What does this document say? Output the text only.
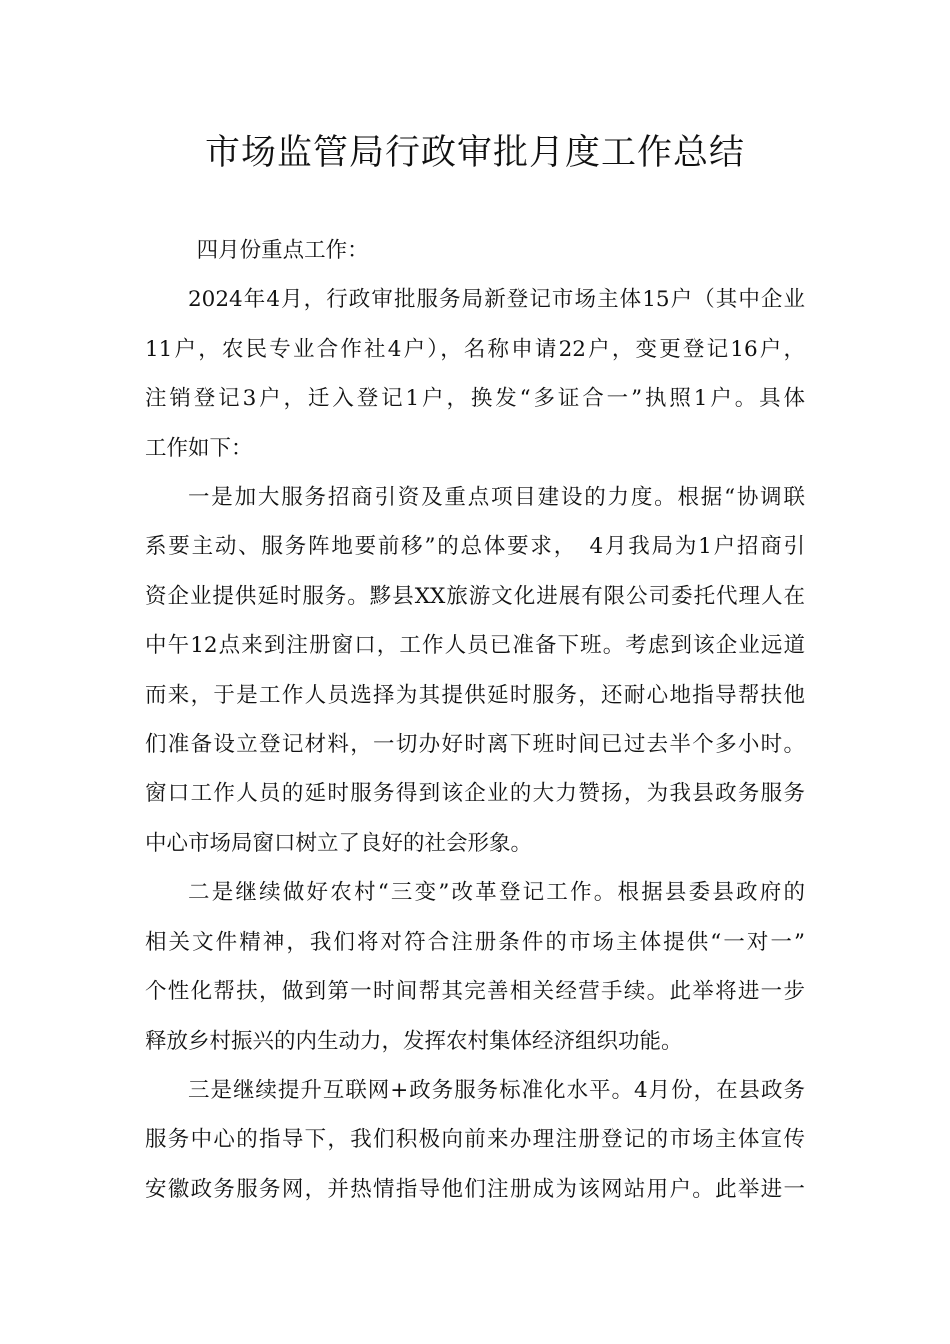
市场监管局行政审批月度工作总结
四月份重点工作：
2024年4月，行政审批服务局新登记市场主体15户（其中企业
11户，农民专业合作社4户），名称申请22户，变更登记16户，
注销登记3户，迁入登记1户，换发“多证合一”执照1户。具体
工作如下：
一是加大服务招商引资及重点项目建设的力度。根据“协调联
系要主动、服务阵地要前移”的总体要求，　4月我局为1户招商引
资企业提供延时服务。黟县XX旅游文化进展有限公司委托代理人在
中午12点来到注册窗口，工作人员已准备下班。考虑到该企业远道
而来，于是工作人员选择为其提供延时服务，还耐心地指导帮扶他
们准备设立登记材料，一切办好时离下班时间已过去半个多小时。
窗口工作人员的延时服务得到该企业的大力赞扬，为我县政务服务
中心市场局窗口树立了良好的社会形象。
二是继续做好农村“三变”改革登记工作。根据县委县政府的
相关文件精神，我们将对符合注册条件的市场主体提供“一对一”
个性化帮扶，做到第一时间帮其完善相关经营手续。此举将进一步
释放乡村振兴的内生动力，发挥农村集体经济组织功能。
三是继续提升互联网+政务服务标准化水平。4月份，在县政务
服务中心的指导下，我们积极向前来办理注册登记的市场主体宣传
安徽政务服务网，并热情指导他们注册成为该网站用户。此举进一
